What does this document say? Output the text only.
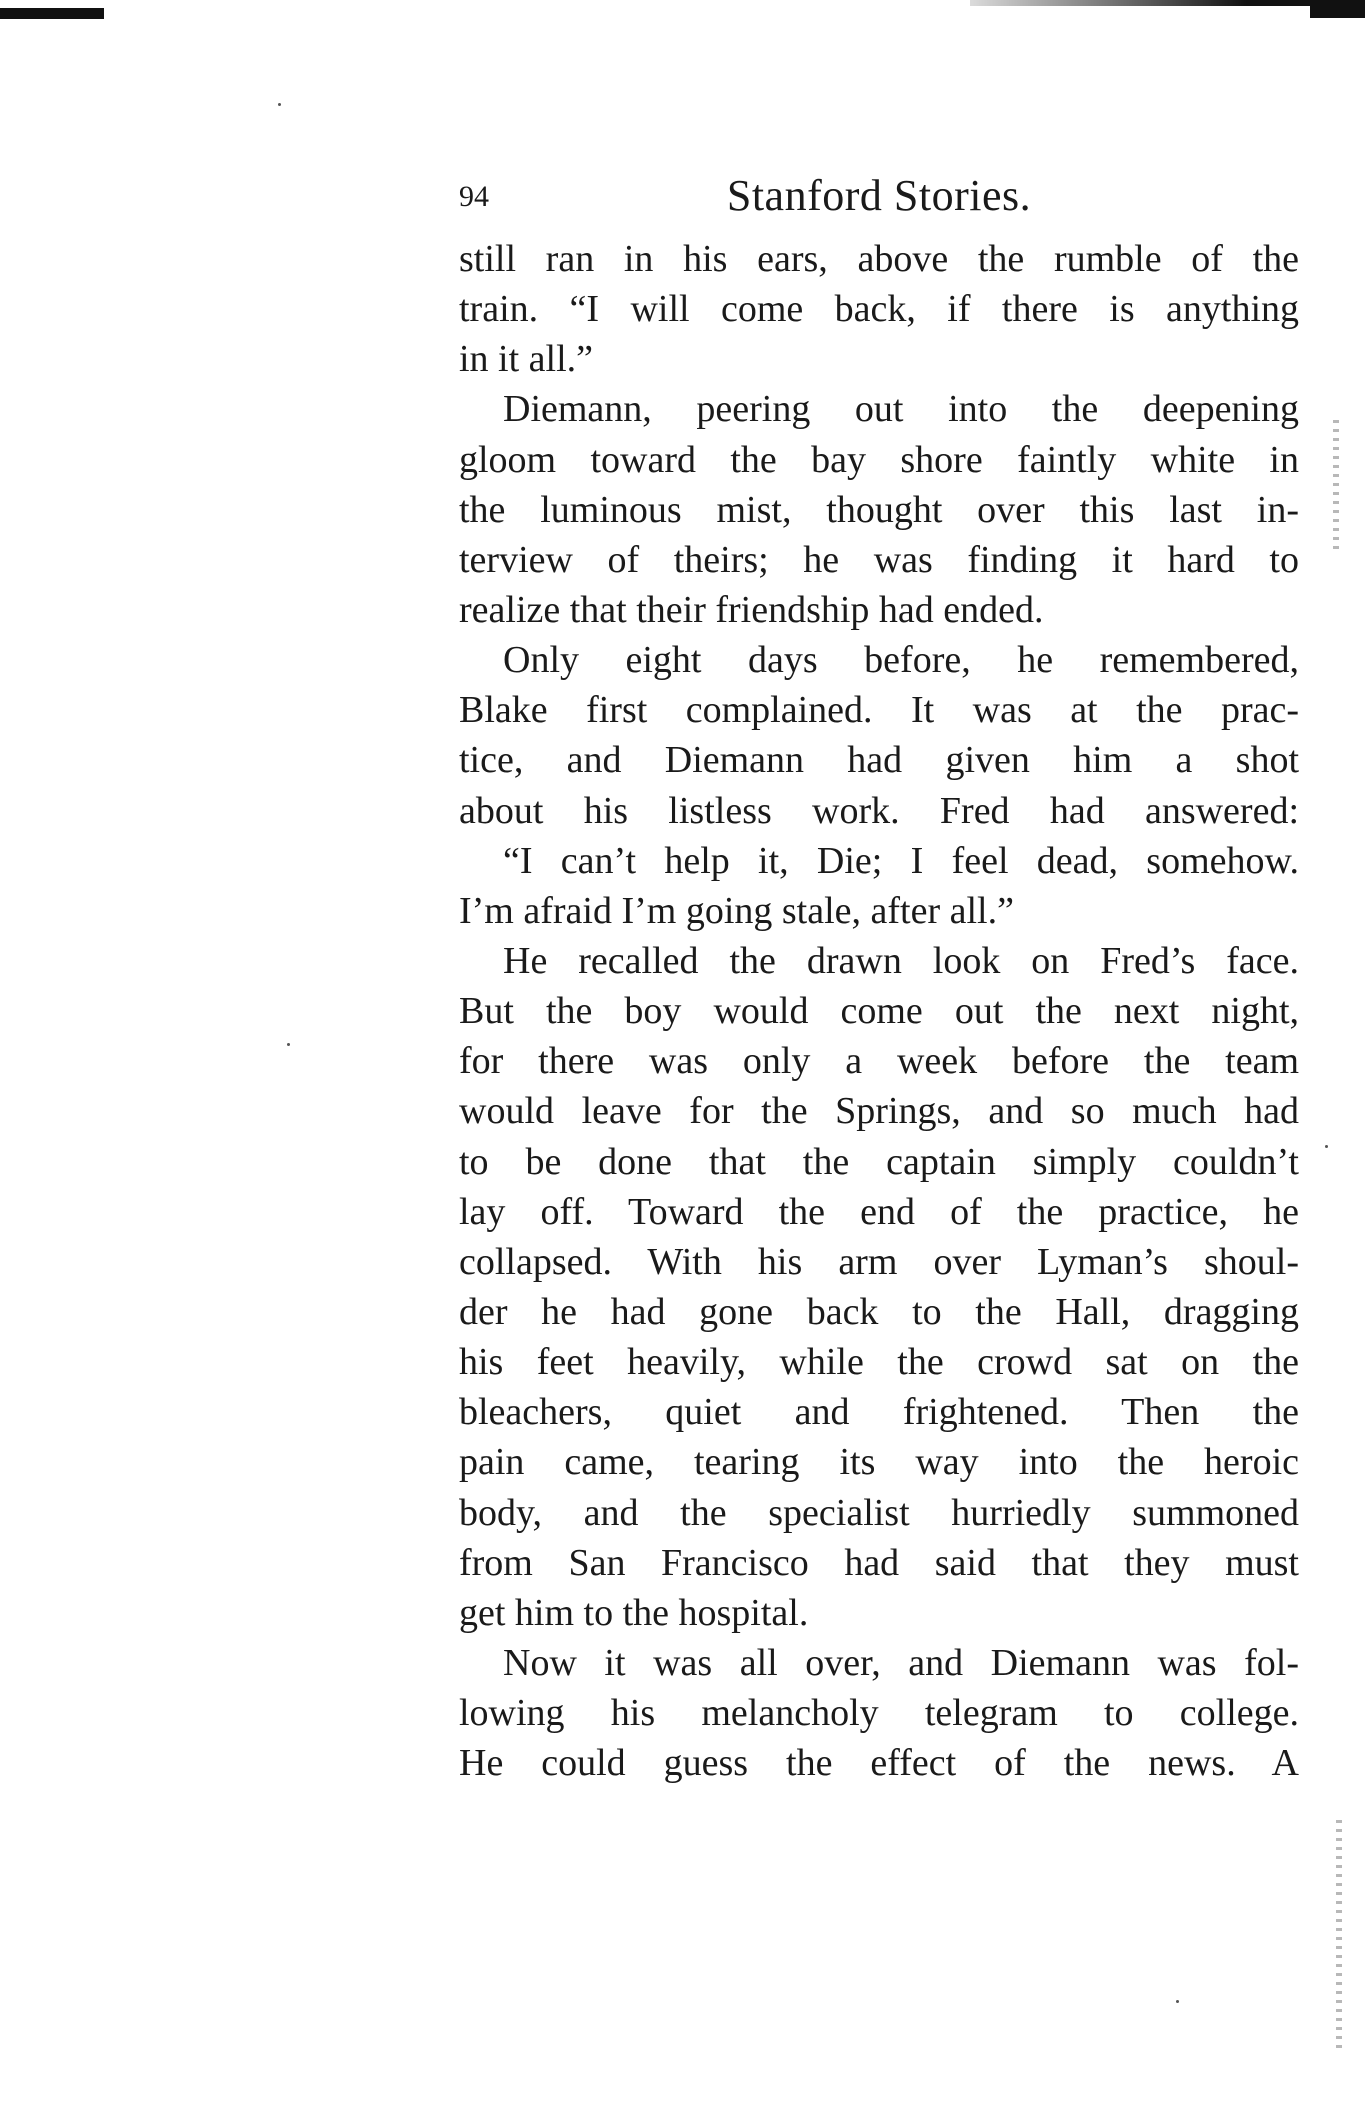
94	Stanford Stories.
still ran in his ears, above the rumble of the
train. “I will come back, if there is anything
in it all.”
Diemann, peering out into the deepening
gloom toward the bay shore faintly white in
the luminous mist, thought over this last in-
terview of theirs; he was finding it hard to
realize that their friendship had ended.
Only eight days before, he remembered,
Blake first complained. It was at the prac-
tice, and Diemann had given him a shot
about his listless work. Fred had answered:
“I can’t help it, Die; I feel dead, somehow.
I’m afraid I’m going stale, after all.”
He recalled the drawn look on Fred’s face.
But the boy would come out the next night,
for there was only a week before the team
would leave for the Springs, and so much had
to be done that the captain simply couldn’t
lay off. Toward the end of the practice, he
collapsed. With his arm over Lyman’s shoul-
der he had gone back to the Hall, dragging
his feet heavily, while the crowd sat on the
bleachers, quiet and frightened. Then the
pain came, tearing its way into the heroic
body, and the specialist hurriedly summoned
from San Francisco had said that they must
get him to the hospital.
Now it was all over, and Diemann was fol-
lowing his melancholy telegram to college.
He could guess the effect of the news. A
